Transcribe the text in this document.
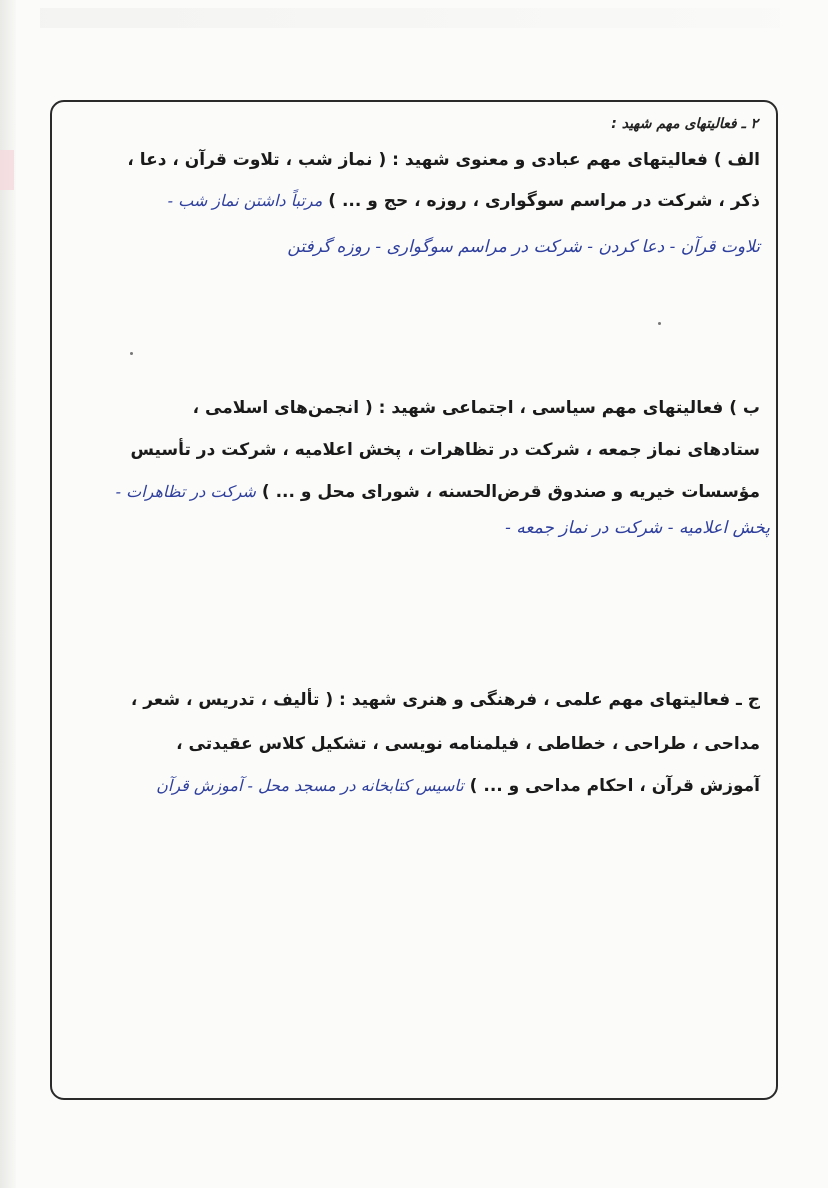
۲ ـ فعالیتهای مهم شهید :
الف ) فعالیتهای مهم عبادی و معنوی شهید : ( نماز شب ، تلاوت قرآن ، دعا ،
ذکر ، شرکت در مراسم سوگواری ، روزه ، حج و ... ) مرتباً داشتن نماز شب -
تلاوت قرآن - دعا کردن - شرکت در مراسم سوگواری - روزه گرفتن
ب ) فعالیتهای مهم سیاسی ، اجتماعی شهید : ( انجمن‌های اسلامی ،
ستادهای نماز جمعه ، شرکت در تظاهرات ، پخش اعلامیه ، شرکت در تأسیس
مؤسسات خیریه و صندوق قرض‌الحسنه ، شورای محل و ... ) شرکت در تظاهرات -
پخش اعلامیه - شرکت در نماز جمعه -
ج ـ فعالیتهای مهم علمی ، فرهنگی و هنری شهید : ( تألیف ، تدریس ، شعر ،
مداحی ، طراحی ، خطاطی ، فیلمنامه نویسی ، تشکیل کلاس عقیدتی ،
آموزش قرآن ، احکام مداحی و ... ) تاسیس کتابخانه در مسجد محل - آموزش قرآن
